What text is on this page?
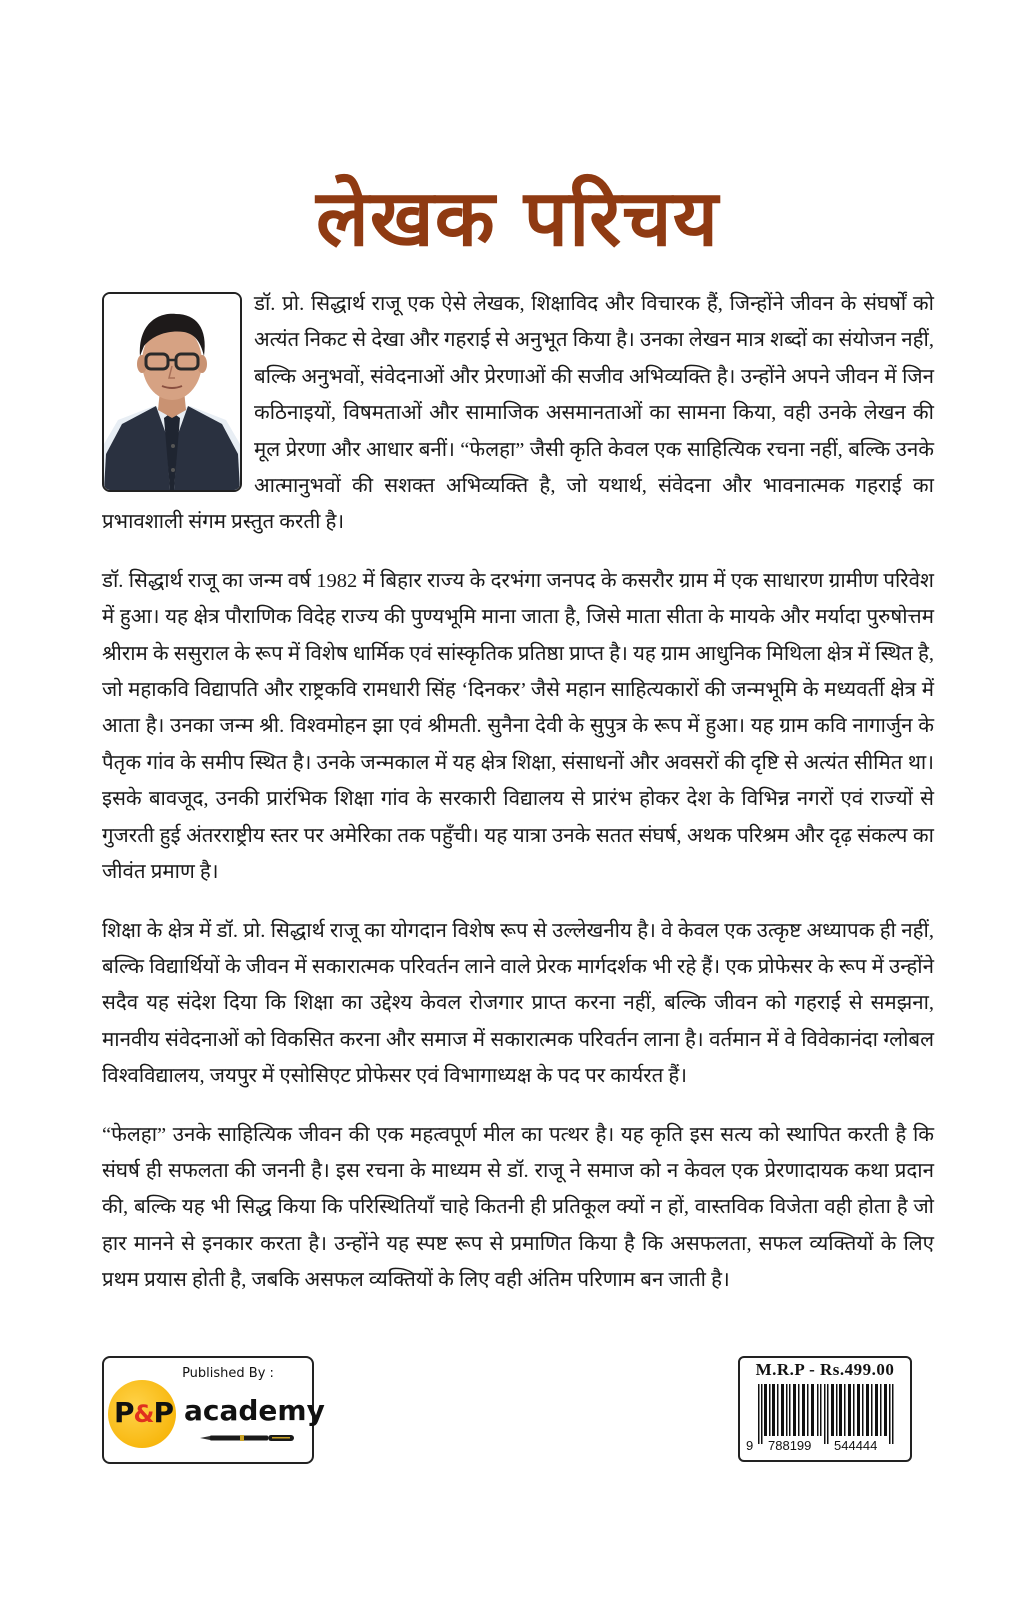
लेखक परिचय

डॉ. प्रो. सिद्धार्थ राजू एक ऐसे लेखक, शिक्षाविद और विचारक हैं, जिन्होंने जीवन के संघर्षों को अत्यंत निकट से देखा और गहराई से अनुभूत किया है। उनका लेखन मात्र शब्दों का संयोजन नहीं, बल्कि अनुभवों, संवेदनाओं और प्रेरणाओं की सजीव अभिव्यक्ति है। उन्होंने अपने जीवन में जिन कठिनाइयों, विषमताओं और सामाजिक असमानताओं का सामना किया, वही उनके लेखन की मूल प्रेरणा और आधार बनीं। “फेलहा” जैसी कृति केवल एक साहित्यिक रचना नहीं, बल्कि उनके आत्मानुभवों की सशक्त अभिव्यक्ति है, जो यथार्थ, संवेदना और भावनात्मक गहराई का प्रभावशाली संगम प्रस्तुत करती है।

डॉ. सिद्धार्थ राजू का जन्म वर्ष 1982 में बिहार राज्य के दरभंगा जनपद के कसरौर ग्राम में एक साधारण ग्रामीण परिवेश में हुआ। यह क्षेत्र पौराणिक विदेह राज्य की पुण्यभूमि माना जाता है, जिसे माता सीता के मायके और मर्यादा पुरुषोत्तम श्रीराम के ससुराल के रूप में विशेष धार्मिक एवं सांस्कृतिक प्रतिष्ठा प्राप्त है। यह ग्राम आधुनिक मिथिला क्षेत्र में स्थित है, जो महाकवि विद्यापति और राष्ट्रकवि रामधारी सिंह ‘दिनकर’ जैसे महान साहित्यकारों की जन्मभूमि के मध्यवर्ती क्षेत्र में आता है। उनका जन्म श्री. विश्वमोहन झा एवं श्रीमती. सुनैना देवी के सुपुत्र के रूप में हुआ। यह ग्राम कवि नागार्जुन के पैतृक गांव के समीप स्थित है। उनके जन्मकाल में यह क्षेत्र शिक्षा, संसाधनों और अवसरों की दृष्टि से अत्यंत सीमित था। इसके बावजूद, उनकी प्रारंभिक शिक्षा गांव के सरकारी विद्यालय से प्रारंभ होकर देश के विभिन्न नगरों एवं राज्यों से गुजरती हुई अंतरराष्ट्रीय स्तर पर अमेरिका तक पहुँची। यह यात्रा उनके सतत संघर्ष, अथक परिश्रम और दृढ़ संकल्प का जीवंत प्रमाण है।

शिक्षा के क्षेत्र में डॉ. प्रो. सिद्धार्थ राजू का योगदान विशेष रूप से उल्लेखनीय है। वे केवल एक उत्कृष्ट अध्यापक ही नहीं, बल्कि विद्यार्थियों के जीवन में सकारात्मक परिवर्तन लाने वाले प्रेरक मार्गदर्शक भी रहे हैं। एक प्रोफेसर के रूप में उन्होंने सदैव यह संदेश दिया कि शिक्षा का उद्देश्य केवल रोजगार प्राप्त करना नहीं, बल्कि जीवन को गहराई से समझना, मानवीय संवेदनाओं को विकसित करना और समाज में सकारात्मक परिवर्तन लाना है। वर्तमान में वे विवेकानंदा ग्लोबल विश्वविद्यालय, जयपुर में एसोसिएट प्रोफेसर एवं विभागाध्यक्ष के पद पर कार्यरत हैं।

“फेलहा” उनके साहित्यिक जीवन की एक महत्वपूर्ण मील का पत्थर है। यह कृति इस सत्य को स्थापित करती है कि संघर्ष ही सफलता की जननी है। इस रचना के माध्यम से डॉ. राजू ने समाज को न केवल एक प्रेरणादायक कथा प्रदान की, बल्कि यह भी सिद्ध किया कि परिस्थितियाँ चाहे कितनी ही प्रतिकूल क्यों न हों, वास्तविक विजेता वही होता है जो हार मानने से इनकार करता है। उन्होंने यह स्पष्ट रूप से प्रमाणित किया है कि असफलता, सफल व्यक्तियों के लिए प्रथम प्रयास होती है, जबकि असफल व्यक्तियों के लिए वही अंतिम परिणाम बन जाती है।

Published By :
P&P academy
M.R.P - Rs.499.00
9 788199 544444
